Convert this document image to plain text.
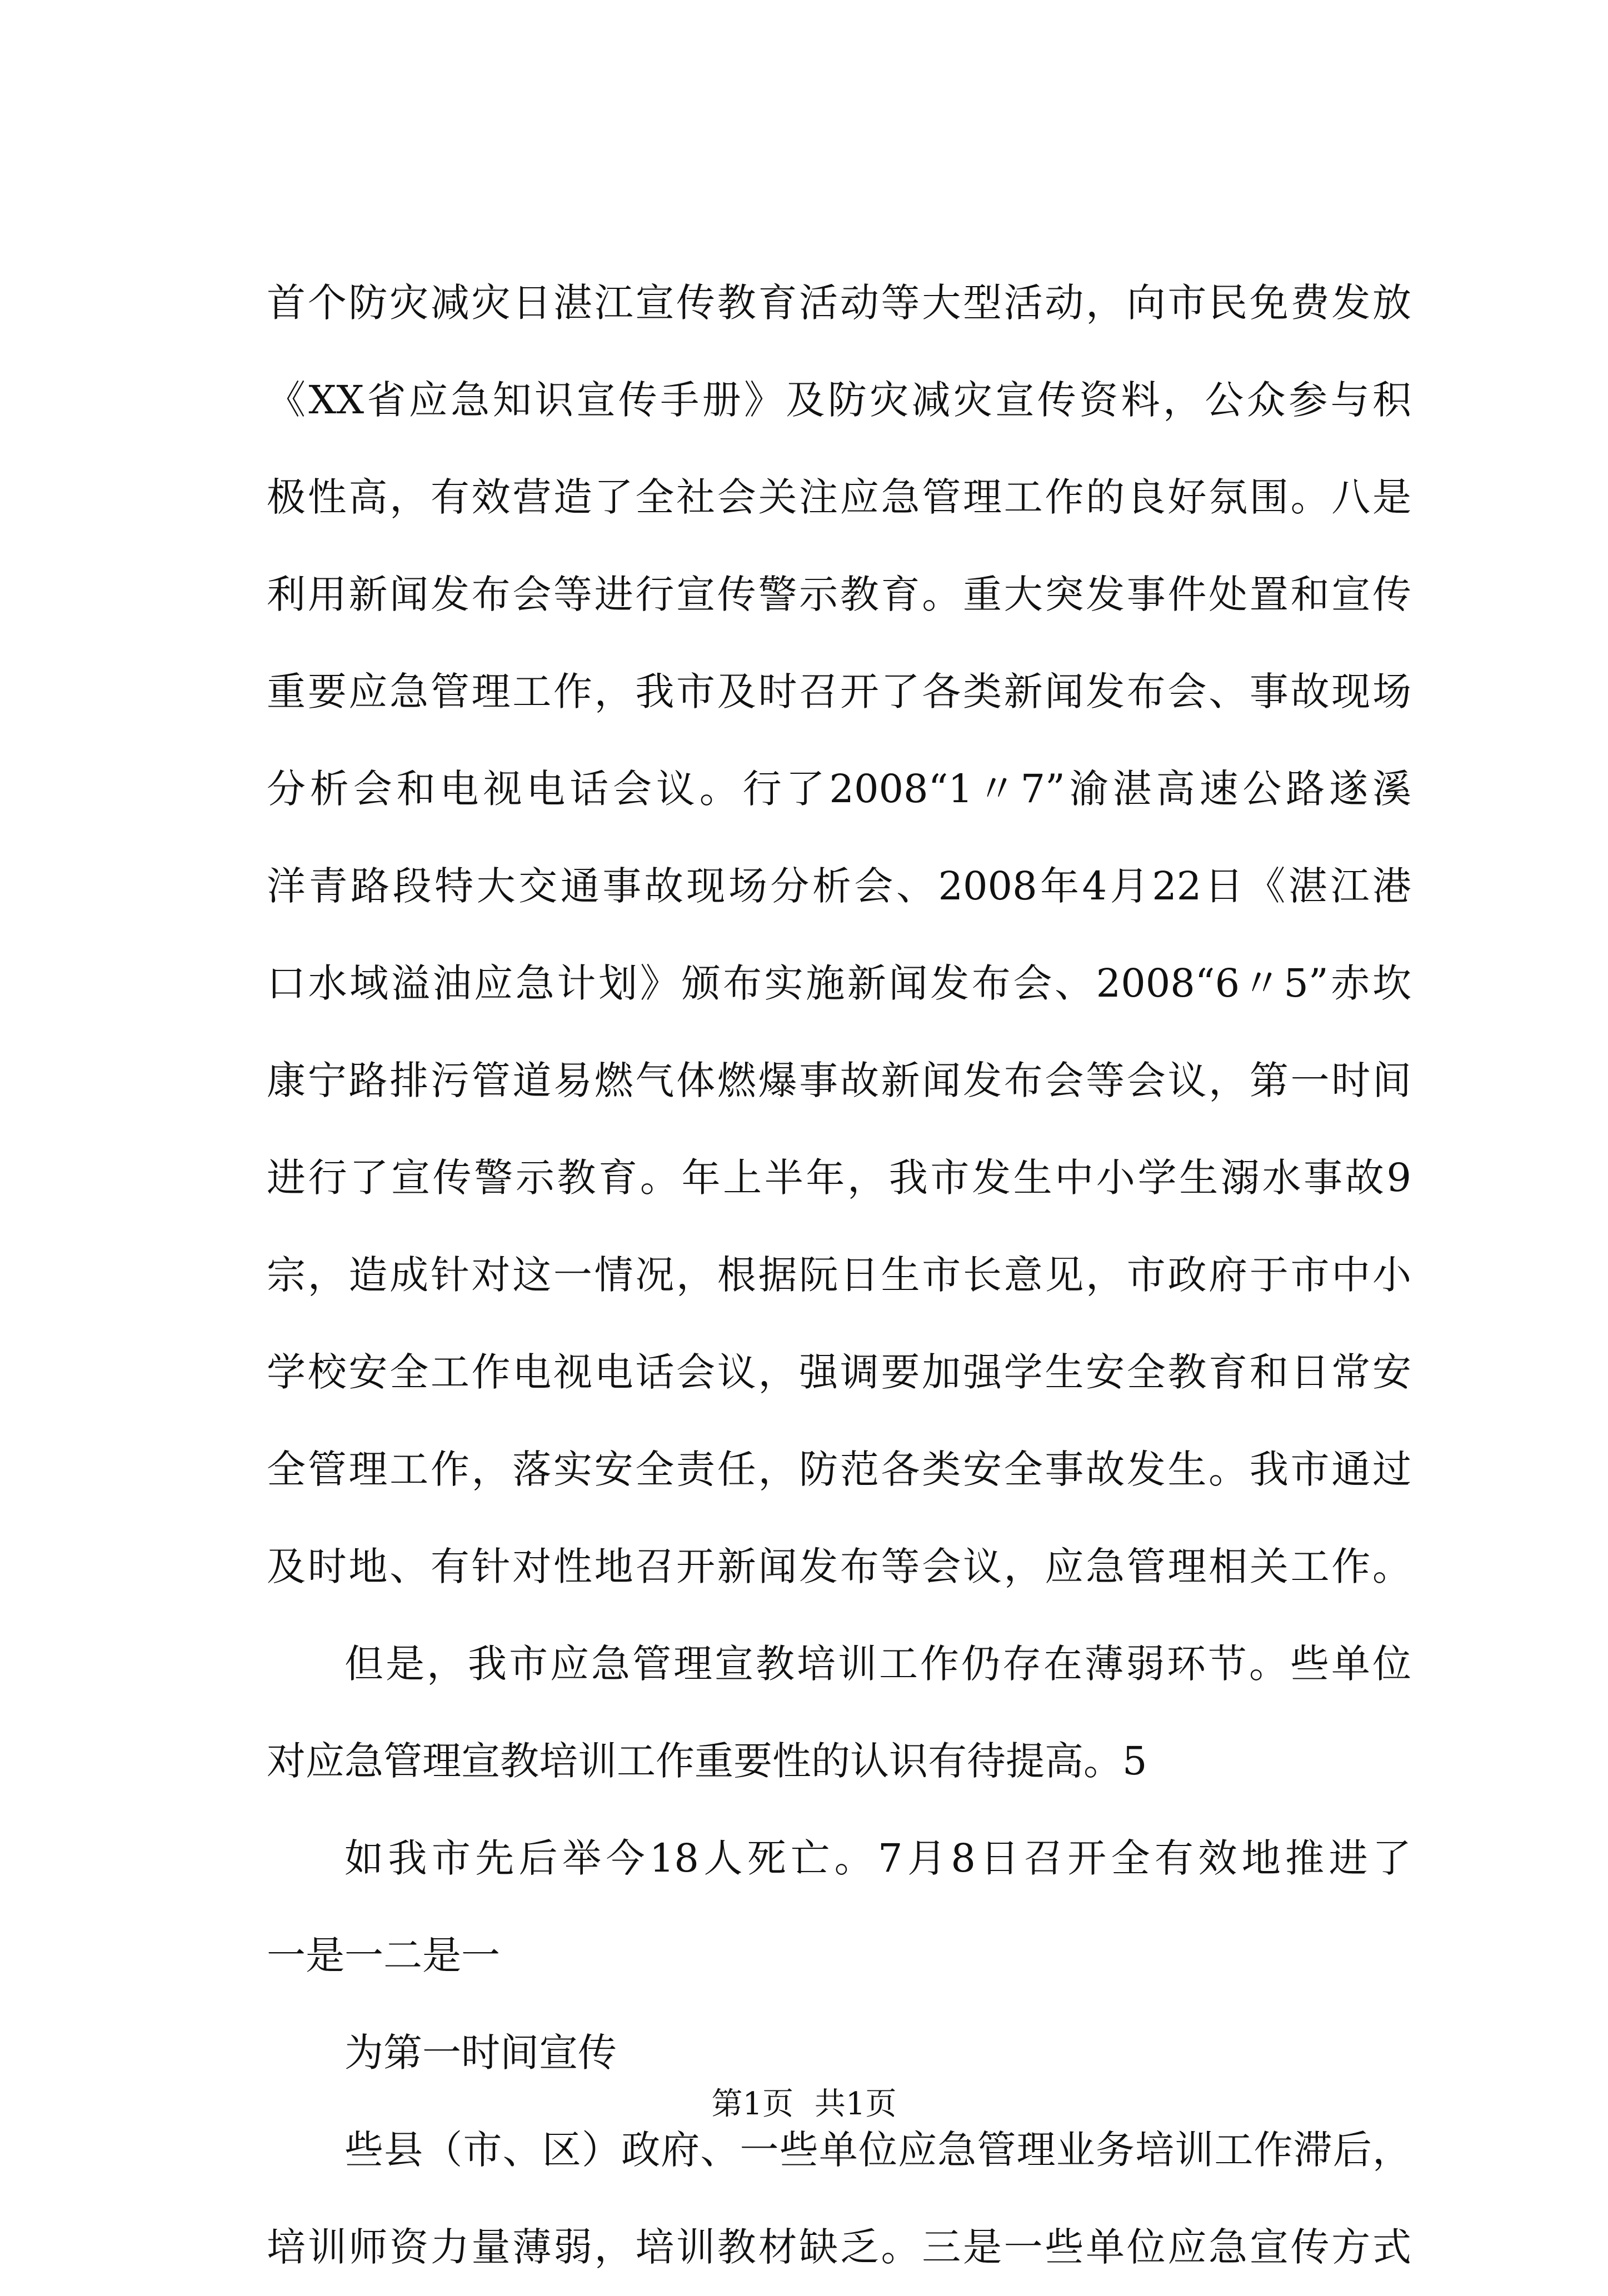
首个防灾减灾日湛江宣传教育活动等大型活动，向市民免费发放
《XX省应急知识宣传手册》及防灾减灾宣传资料，公众参与积
极性高，有效营造了全社会关注应急管理工作的良好氛围。八是
利用新闻发布会等进行宣传警示教育。重大突发事件处置和宣传
重要应急管理工作，我市及时召开了各类新闻发布会、事故现场
分析会和电视电话会议。行了2008“1〃7”渝湛高速公路遂溪
洋青路段特大交通事故现场分析会、2008年4月22日《湛江港
口水域溢油应急计划》颁布实施新闻发布会、2008“6〃5”赤坎
康宁路排污管道易燃气体燃爆事故新闻发布会等会议，第一时间
进行了宣传警示教育。年上半年，我市发生中小学生溺水事故9
宗，造成针对这一情况，根据阮日生市长意见，市政府于市中小
学校安全工作电视电话会议，强调要加强学生安全教育和日常安
全管理工作，落实安全责任，防范各类安全事故发生。我市通过
及时地、有针对性地召开新闻发布等会议，应急管理相关工作。
但是，我市应急管理宣教培训工作仍存在薄弱环节。些单位
对应急管理宣教培训工作重要性的认识有待提高。5
如我市先后举今18人死亡。7月8日召开全有效地推进了
一是一二是一
为第一时间宣传
些县（市、区）政府、一些单位应急管理业务培训工作滞后，
培训师资力量薄弱，培训教材缺乏。三是一些单位应急宣传方式
第1页 共1页
